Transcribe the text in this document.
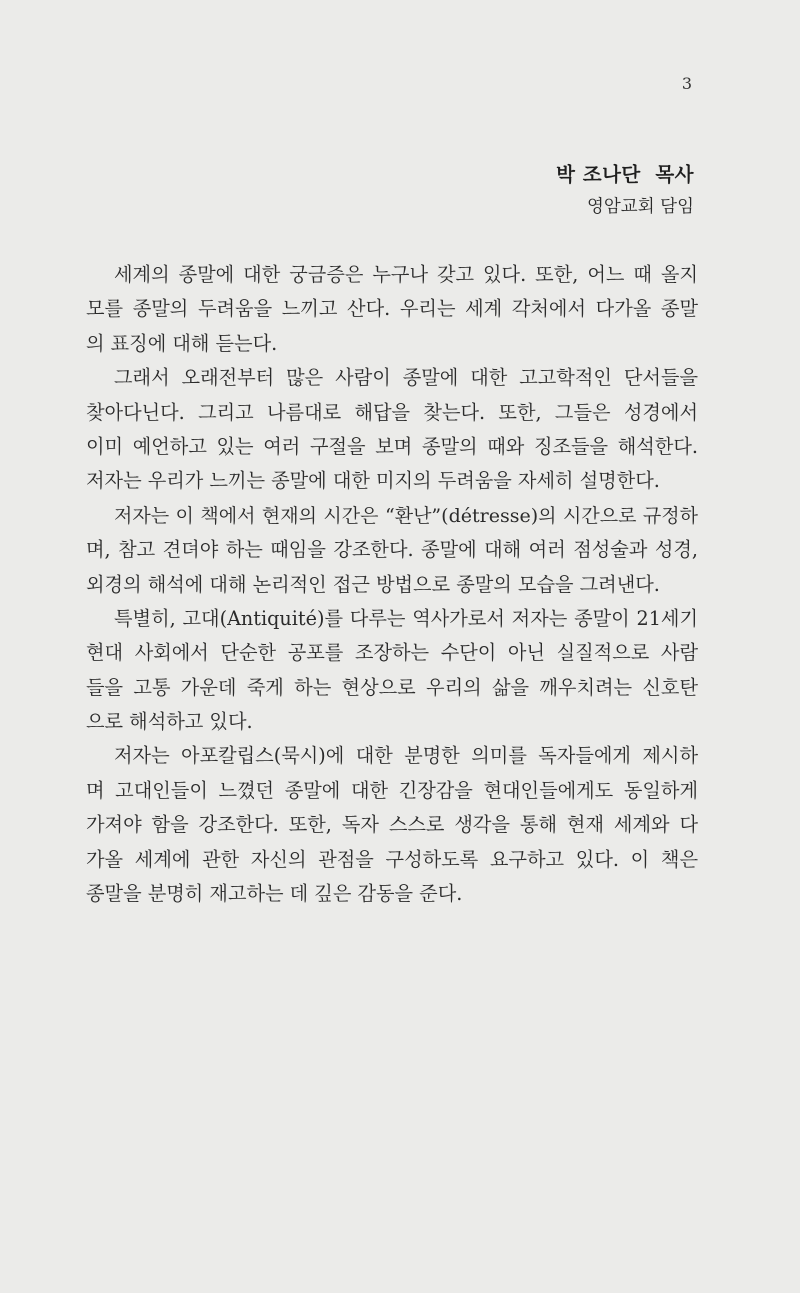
3
박 조나단  목사
영암교회 담임
세계의 종말에 대한 궁금증은 누구나 갖고 있다. 또한, 어느 때 올지
모를 종말의 두려움을 느끼고 산다. 우리는 세계 각처에서 다가올 종말
의 표징에 대해 듣는다.
그래서 오래전부터 많은 사람이 종말에 대한 고고학적인 단서들을
찾아다닌다. 그리고 나름대로 해답을 찾는다. 또한, 그들은 성경에서
이미 예언하고 있는 여러 구절을 보며 종말의 때와 징조들을 해석한다.
저자는 우리가 느끼는 종말에 대한 미지의 두려움을 자세히 설명한다.
저자는 이 책에서 현재의 시간은 “환난”(détresse)의 시간으로 규정하
며, 참고 견뎌야 하는 때임을 강조한다. 종말에 대해 여러 점성술과 성경,
외경의 해석에 대해 논리적인 접근 방법으로 종말의 모습을 그려낸다.
특별히, 고대(Antiquité)를 다루는 역사가로서 저자는 종말이 21세기
현대 사회에서 단순한 공포를 조장하는 수단이 아닌 실질적으로 사람
들을 고통 가운데 죽게 하는 현상으로 우리의 삶을 깨우치려는 신호탄
으로 해석하고 있다.
저자는 아포칼립스(묵시)에 대한 분명한 의미를 독자들에게 제시하
며 고대인들이 느꼈던 종말에 대한 긴장감을 현대인들에게도 동일하게
가져야 함을 강조한다. 또한, 독자 스스로 생각을 통해 현재 세계와 다
가올 세계에 관한 자신의 관점을 구성하도록 요구하고 있다. 이 책은
종말을 분명히 재고하는 데 깊은 감동을 준다.
